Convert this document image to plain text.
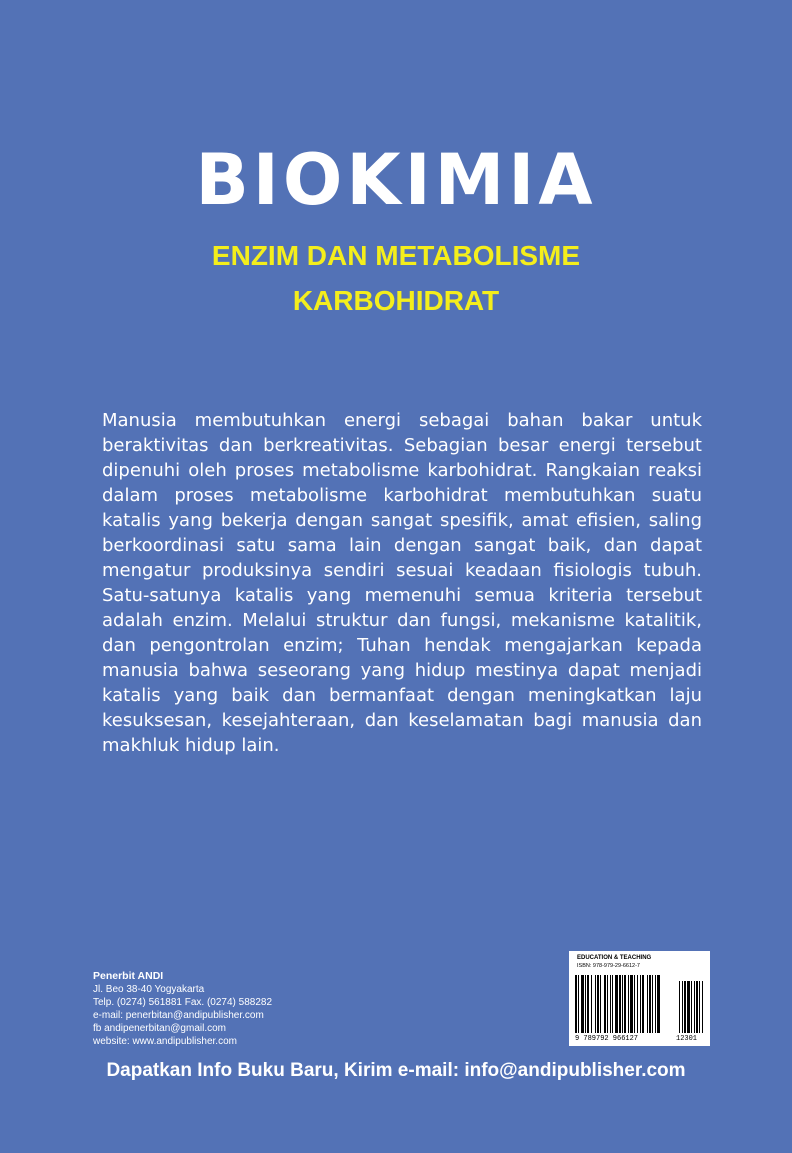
BIOKIMIA
ENZIM DAN METABOLISME
KARBOHIDRAT

Manusia membutuhkan energi sebagai bahan bakar untuk beraktivitas dan berkreativitas. Sebagian besar energi tersebut dipenuhi oleh proses metabolisme karbohidrat. Rangkaian reaksi dalam proses metabolisme karbohidrat membutuhkan suatu katalis yang bekerja dengan sangat spesifik, amat efisien, saling berkoordinasi satu sama lain dengan sangat baik, dan dapat mengatur produksinya sendiri sesuai keadaan fisiologis tubuh. Satu-satunya katalis yang memenuhi semua kriteria tersebut adalah enzim. Melalui struktur dan fungsi, mekanisme katalitik, dan pengontrolan enzim; Tuhan hendak mengajarkan kepada manusia bahwa seseorang yang hidup mestinya dapat menjadi katalis yang baik dan bermanfaat dengan meningkatkan laju kesuksesan, kesejahteraan, dan keselamatan bagi manusia dan makhluk hidup lain.

Penerbit ANDI
Jl. Beo 38-40 Yogyakarta
Telp. (0274) 561881 Fax. (0274) 588282
e-mail: penerbitan@andipublisher.com
fb andipenerbitan@gmail.com
website: www.andipublisher.com
EDUCATION & TEACHING
ISBN: 978-979-29-6612-7
9 789792 966127	12301
Dapatkan Info Buku Baru, Kirim e-mail: info@andipublisher.com
